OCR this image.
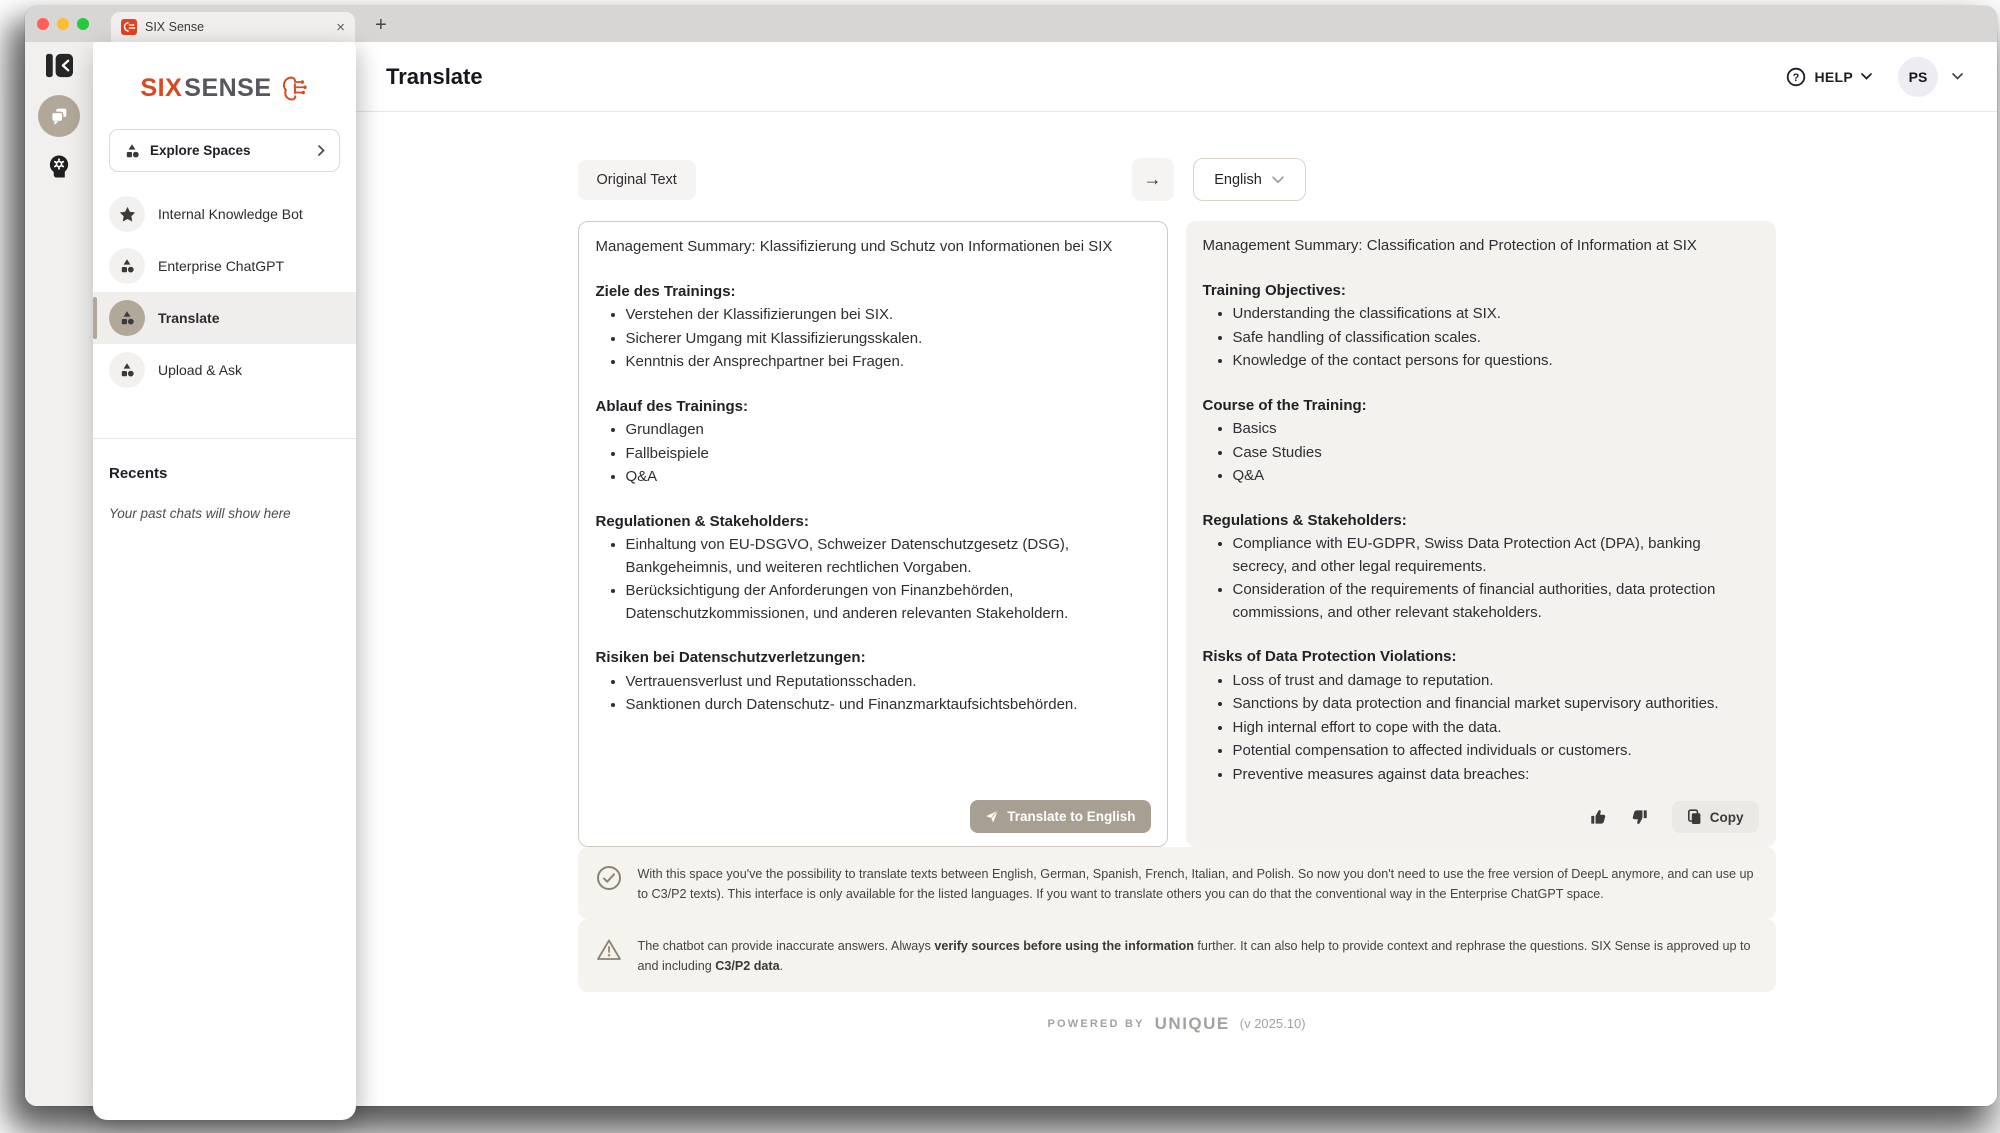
SIX Sense	× +
SIX SENSE
Explore Spaces
Internal Knowledge Bot
Enterprise ChatGPT
Translate
Upload & Ask
Recents
Your past chats will show here
Translate	? HELP	PS
Original Text	→	English
Management Summary: Klassifizierung und Schutz von Informationen bei SIX
Ziele des Trainings:
• Verstehen der Klassifizierungen bei SIX.
• Sicherer Umgang mit Klassifizierungsskalen.
• Kenntnis der Ansprechpartner bei Fragen.
Ablauf des Trainings:
• Grundlagen
• Fallbeispiele
• Q&A
Regulationen & Stakeholders:
• Einhaltung von EU-DSGVO, Schweizer Datenschutzgesetz (DSG), Bankgeheimnis, und weiteren rechtlichen Vorgaben.
• Berücksichtigung der Anforderungen von Finanzbehörden, Datenschutzkommissionen, und anderen relevanten Stakeholdern.
Risiken bei Datenschutzverletzungen:
• Vertrauensverlust und Reputationsschaden.
• Sanktionen durch Datenschutz- und Finanzmarktaufsichtsbehörden.
Translate to English
Management Summary: Classification and Protection of Information at SIX
Training Objectives:
• Understanding the classifications at SIX.
• Safe handling of classification scales.
• Knowledge of the contact persons for questions.
Course of the Training:
• Basics
• Case Studies
• Q&A
Regulations & Stakeholders:
• Compliance with EU-GDPR, Swiss Data Protection Act (DPA), banking secrecy, and other legal requirements.
• Consideration of the requirements of financial authorities, data protection commissions, and other relevant stakeholders.
Risks of Data Protection Violations:
• Loss of trust and damage to reputation.
• Sanctions by data protection and financial market supervisory authorities.
• High internal effort to cope with the data.
• Potential compensation to affected individuals or customers.
• Preventive measures against data breaches:
Copy
With this space you've the possibility to translate texts between English, German, Spanish, French, Italian, and Polish. So now you don't need to use the free version of DeepL anymore, and can use up to C3/P2 texts). This interface is only available for the listed languages. If you want to translate others you can do that the conventional way in the Enterprise ChatGPT space.
The chatbot can provide inaccurate answers. Always verify sources before using the information further. It can also help to provide context and rephrase the questions. SIX Sense is approved up to and including C3/P2 data.
POWERED BY UNIQUE (v 2025.10)
